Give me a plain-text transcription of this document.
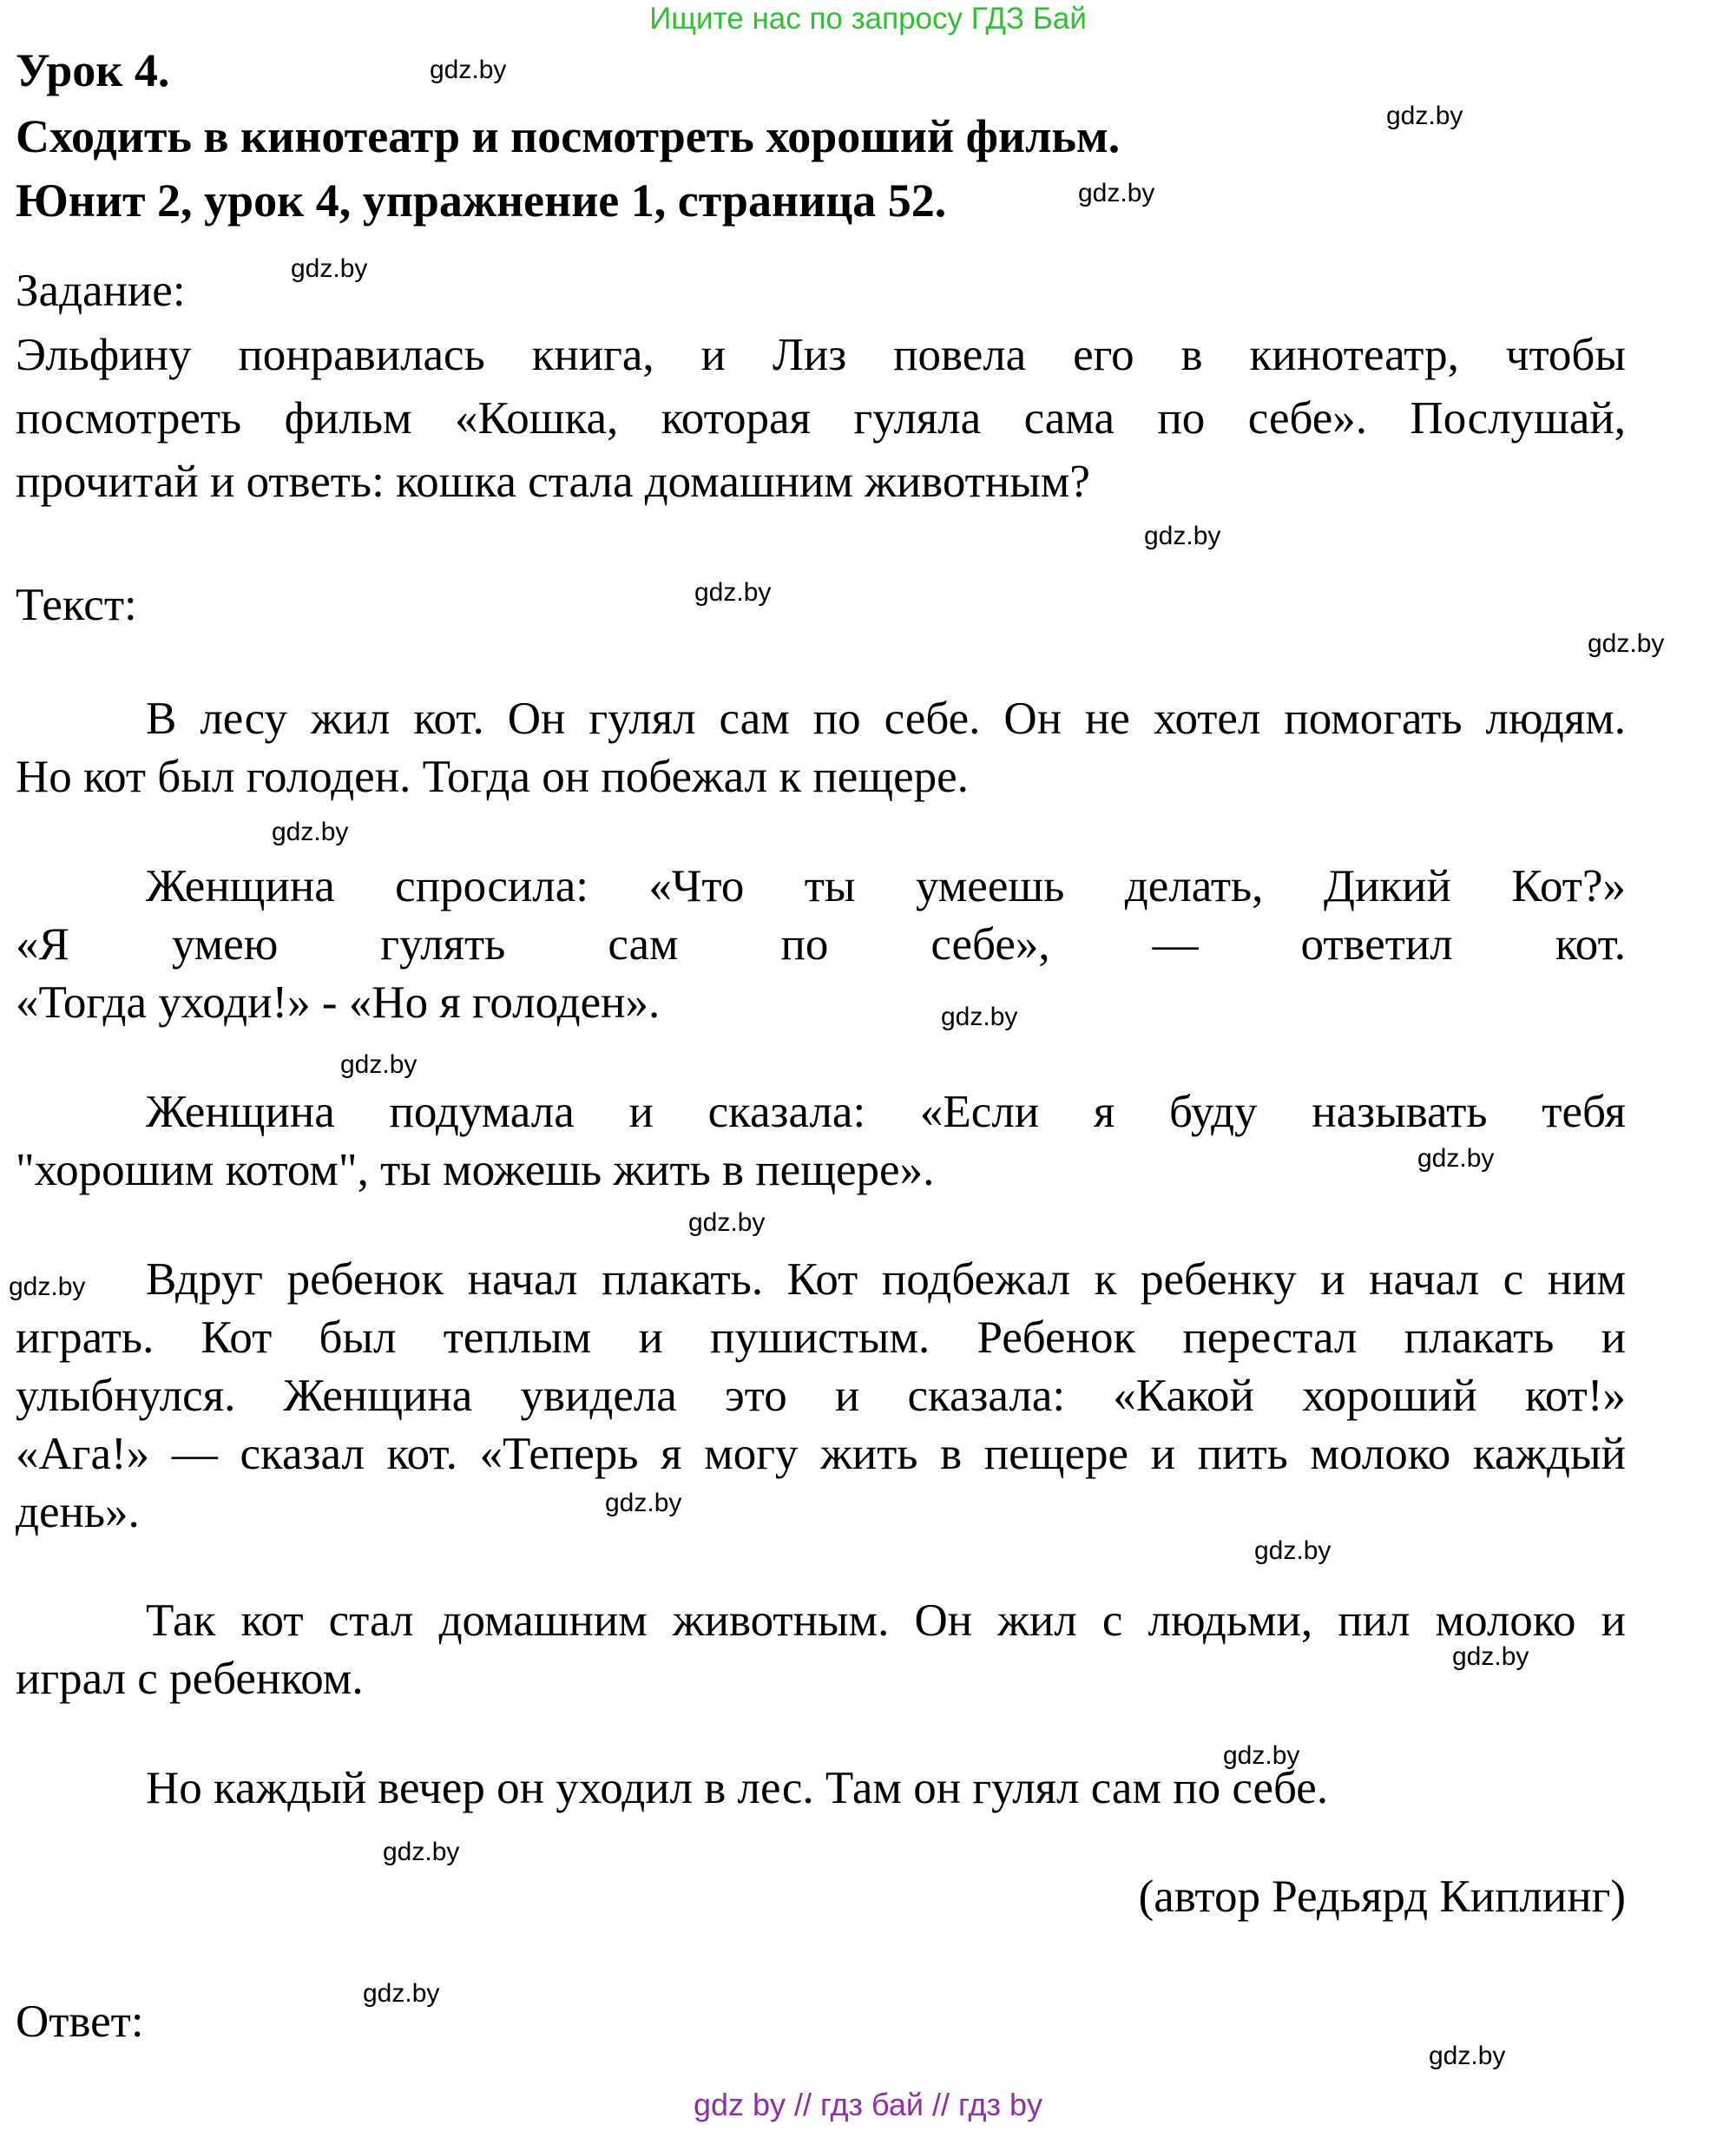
Ищите нас по запросу ГДЗ Бай
Урок 4.
Сходить в кинотеатр и посмотреть хороший фильм.
Юнит 2, урок 4, упражнение 1, страница 52.
Задание:
Эльфину понравилась книга, и Лиз повела его в кинотеатр, чтобы
посмотреть фильм «Кошка, которая гуляла сама по себе». Послушай,
прочитай и ответь: кошка стала домашним животным?
Текст:
В лесу жил кот. Он гулял сам по себе. Он не хотел помогать людям.
Но кот был голоден. Тогда он побежал к пещере.
Женщина спросила: «Что ты умеешь делать, Дикий Кот?»
«Я умею гулять сам по себе», — ответил кот.
«Тогда уходи!» - «Но я голоден».
Женщина подумала и сказала: «Если я буду называть тебя
"хорошим котом", ты можешь жить в пещере».
Вдруг ребенок начал плакать. Кот подбежал к ребенку и начал с ним
играть. Кот был теплым и пушистым. Ребенок перестал плакать и
улыбнулся. Женщина увидела это и сказала: «Какой хороший кот!»
«Ага!» — сказал кот. «Теперь я могу жить в пещере и пить молоко каждый
день».
Так кот стал домашним животным. Он жил с людьми, пил молоко и
играл с ребенком.
Но каждый вечер он уходил в лес. Там он гулял сам по себе.
(автор Редьярд Киплинг)
Ответ:
gdz.by
gdz.by
gdz.by
gdz.by
gdz.by
gdz.by
gdz.by
gdz.by
gdz.by
gdz.by
gdz.by
gdz.by
gdz.by
gdz.by
gdz.by
gdz.by
gdz.by
gdz.by
gdz.by
gdz.by
gdz by // гдз бай // гдз by
